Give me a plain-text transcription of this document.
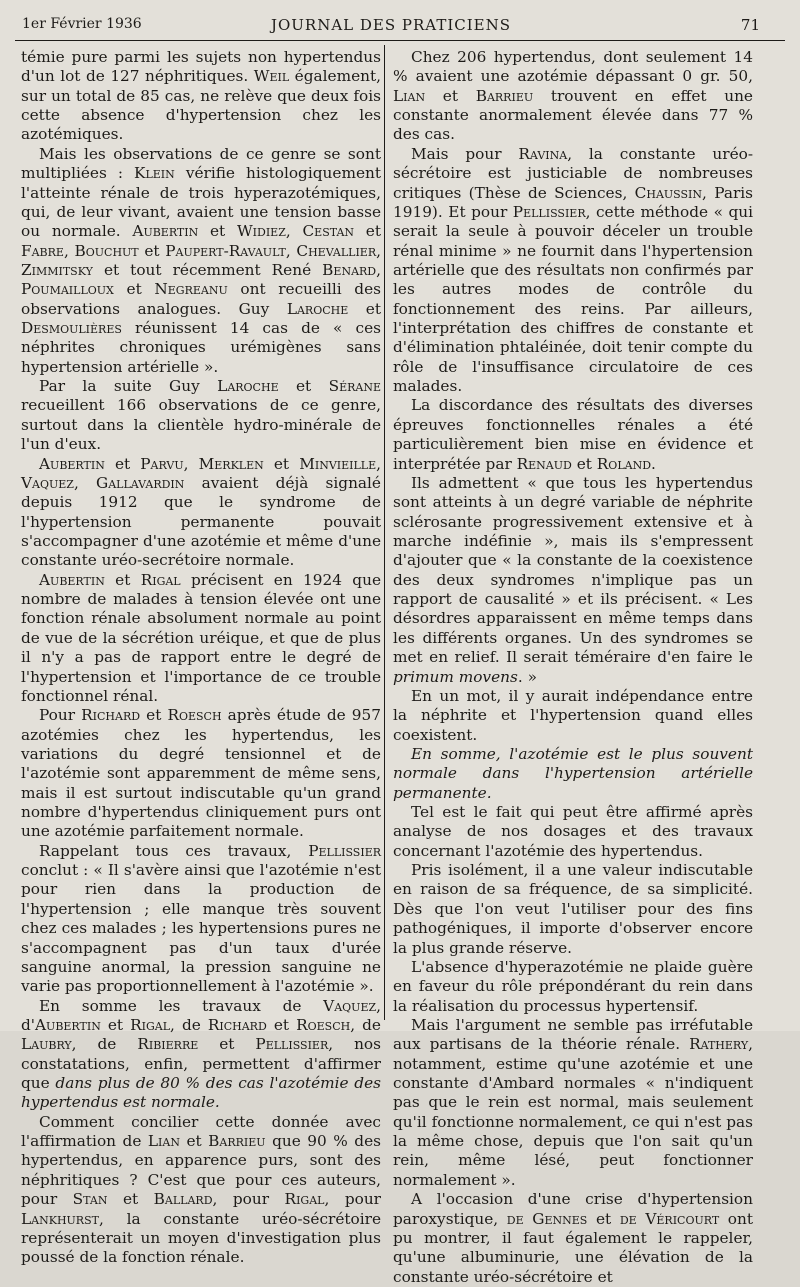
1er Février 1936	JOURNAL DES PRATICIENS	71

témie pure parmi les sujets non hypertendus d'un lot de 127 néphritiques. Weil également, sur un total de 85 cas, ne relève que deux fois cette absence d'hypertension chez les azotémiques.

Mais les observations de ce genre se sont multipliées : Klein vérifie histologiquement l'atteinte rénale de trois hyperazotémiques, qui, de leur vivant, avaient une tension basse ou normale. Aubertin et Widiez, Cestan et Fabre, Bouchut et Paupert-Ravault, Chevallier, Zimmitsky et tout récemment René Benard, Poumailloux et Negreanu ont recueilli des observations analogues. Guy Laroche et Desmoulières réunissent 14 cas de « ces néphrites chroniques urémigènes sans hypertension artérielle ».

Par la suite Guy Laroche et Sérane recueillent 166 observations de ce genre, surtout dans la clientèle hydro-minérale de l'un d'eux.

Aubertin et Parvu, Merklen et Minvieille, Vaquez, Gallavardin avaient déjà signalé depuis 1912 que le syndrome de l'hypertension permanente pouvait s'accompagner d'une azotémie et même d'une constante uréo-secrétoire normale.

Aubertin et Rigal précisent en 1924 que nombre de malades à tension élevée ont une fonction rénale absolument normale au point de vue de la sécrétion uréique, et que de plus il n'y a pas de rapport entre le degré de l'hypertension et l'importance de ce trouble fonctionnel rénal.

Pour Richard et Roesch après étude de 957 azotémies chez les hypertendus, les variations du degré tensionnel et de l'azotémie sont apparemment de même sens, mais il est surtout indiscutable qu'un grand nombre d'hypertendus cliniquement purs ont une azotémie parfaitement normale.

Rappelant tous ces travaux, Pellissier conclut : « Il s'avère ainsi que l'azotémie n'est pour rien dans la production de l'hypertension ; elle manque très souvent chez ces malades ; les hypertensions pures ne s'accompagnent pas d'un taux d'urée sanguine anormal, la pression sanguine ne varie pas proportionnellement à l'azotémie ».

En somme les travaux de Vaquez, d'Aubertin et Rigal, de Richard et Roesch, de Laubry, de Ribierre et Pellissier, nos constatations, enfin, permettent d'affirmer que dans plus de 80 % des cas l'azotémie des hypertendus est normale.

Comment concilier cette donnée avec l'affirmation de Lian et Barrieu que 90 % des hypertendus, en apparence purs, sont des néphritiques ? C'est que pour ces auteurs, pour Stan et Ballard, pour Rigal, pour Lankhurst, la constante uréo-sécrétoire représenterait un moyen d'investigation plus poussé de la fonction rénale.

Chez 206 hypertendus, dont seulement 14 % avaient une azotémie dépassant 0 gr. 50, Lian et Barrieu trouvent en effet une constante anormalement élevée dans 77 % des cas.

Mais pour Ravina, la constante uréo-sécrétoire est justiciable de nombreuses critiques (Thèse de Sciences, Chaussin, Paris 1919). Et pour Pellissier, cette méthode « qui serait la seule à pouvoir déceler un trouble rénal minime » ne fournit dans l'hypertension artérielle que des résultats non confirmés par les autres modes de contrôle du fonctionnement des reins. Par ailleurs, l'interprétation des chiffres de constante et d'élimination phtaléinée, doit tenir compte du rôle de l'insuffisance circulatoire de ces malades.

La discordance des résultats des diverses épreuves fonctionnelles rénales a été particulièrement bien mise en évidence et interprétée par Renaud et Roland.

Ils admettent « que tous les hypertendus sont atteints à un degré variable de néphrite sclérosante progressivement extensive et à marche indéfinie », mais ils s'empressent d'ajouter que « la constante de la coexistence des deux syndromes n'implique pas un rapport de causalité » et ils précisent. « Les désordres apparaissent en même temps dans les différents organes. Un des syndromes se met en relief. Il serait téméraire d'en faire le primum movens. »

En un mot, il y aurait indépendance entre la néphrite et l'hypertension quand elles coexistent.

En somme, l'azotémie est le plus souvent normale dans l'hypertension artérielle permanente.

Tel est le fait qui peut être affirmé après analyse de nos dosages et des travaux concernant l'azotémie des hypertendus.

Pris isolément, il a une valeur indiscutable en raison de sa fréquence, de sa simplicité. Dès que l'on veut l'utiliser pour des fins pathogéniques, il importe d'observer encore la plus grande réserve.

L'absence d'hyperazotémie ne plaide guère en faveur du rôle prépondérant du rein dans la réalisation du processus hypertensif.

Mais l'argument ne semble pas irréfutable aux partisans de la théorie rénale. Rathery, notamment, estime qu'une azotémie et une constante d'Ambard normales « n'indiquent pas que le rein est normal, mais seulement qu'il fonctionne normalement, ce qui n'est pas la même chose, depuis que l'on sait qu'un rein, même lésé, peut fonctionner normalement ».

A l'occasion d'une crise d'hypertension paroxystique, de Gennes et de Véricourt ont pu montrer, il faut également le rappeler, qu'une albuminurie, une élévation de la constante uréo-sécrétoire et
